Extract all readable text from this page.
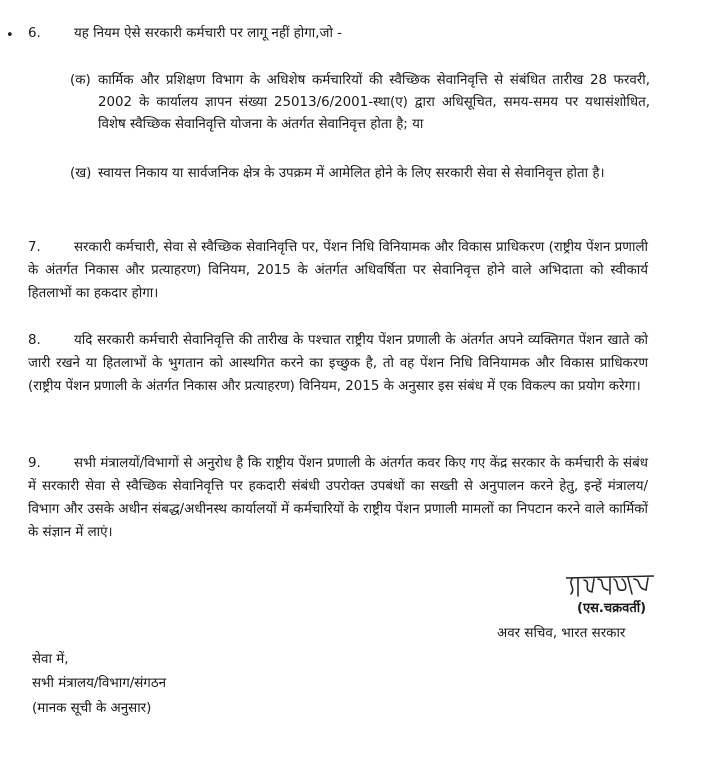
• 6. यह नियम ऐसे सरकारी कर्मचारी पर लागू नहीं होगा,जो -
(क) कार्मिक और प्रशिक्षण विभाग के अधिशेष कर्मचारियों की स्वैच्छिक सेवानिवृत्ति से संबंधित तारीख 28 फरवरी, 2002 के कार्यालय ज्ञापन संख्या 25013/6/2001-स्था(ए) द्वारा अधिसूचित, समय-समय पर यथासंशोधित, विशेष स्वैच्छिक सेवानिवृत्ति योजना के अंतर्गत सेवानिवृत्त होता है; या
(ख) स्वायत्त निकाय या सार्वजनिक क्षेत्र के उपक्रम में आमेलित होने के लिए सरकारी सेवा से सेवानिवृत्त होता है।
7. सरकारी कर्मचारी, सेवा से स्वैच्छिक सेवानिवृत्ति पर, पेंशन निधि विनियामक और विकास प्राधिकरण (राष्ट्रीय पेंशन प्रणाली के अंतर्गत निकास और प्रत्याहरण) विनियम, 2015 के अंतर्गत अधिवर्षिता पर सेवानिवृत्त होने वाले अभिदाता को स्वीकार्य हितलाभों का हकदार होगा।
8. यदि सरकारी कर्मचारी सेवानिवृत्ति की तारीख के पश्चात राष्ट्रीय पेंशन प्रणाली के अंतर्गत अपने व्यक्तिगत पेंशन खाते को जारी रखने या हितलाभों के भुगतान को आस्थगित करने का इच्छुक है, तो वह पेंशन निधि विनियामक और विकास प्राधिकरण (राष्ट्रीय पेंशन प्रणाली के अंतर्गत निकास और प्रत्याहरण) विनियम, 2015 के अनुसार इस संबंध में एक विकल्प का प्रयोग करेगा।
9. सभी मंत्रालयों/विभागों से अनुरोध है कि राष्ट्रीय पेंशन प्रणाली के अंतर्गत कवर किए गए केंद्र सरकार के कर्मचारी के संबंध में सरकारी सेवा से स्वैच्छिक सेवानिवृत्ति पर हकदारी संबंधी उपरोक्त उपबंधों का सख्ती से अनुपालन करने हेतु, इन्हें मंत्रालय/विभाग और उसके अधीन संबद्ध/अधीनस्थ कार्यालयों में कर्मचारियों के राष्ट्रीय पेंशन प्रणाली मामलों का निपटान करने वाले कार्मिकों के संज्ञान में लाएं।
(एस.चक्रवर्ती)
अवर सचिव, भारत सरकार
सेवा में,
सभी मंत्रालय/विभाग/संगठन
(मानक सूची के अनुसार)
